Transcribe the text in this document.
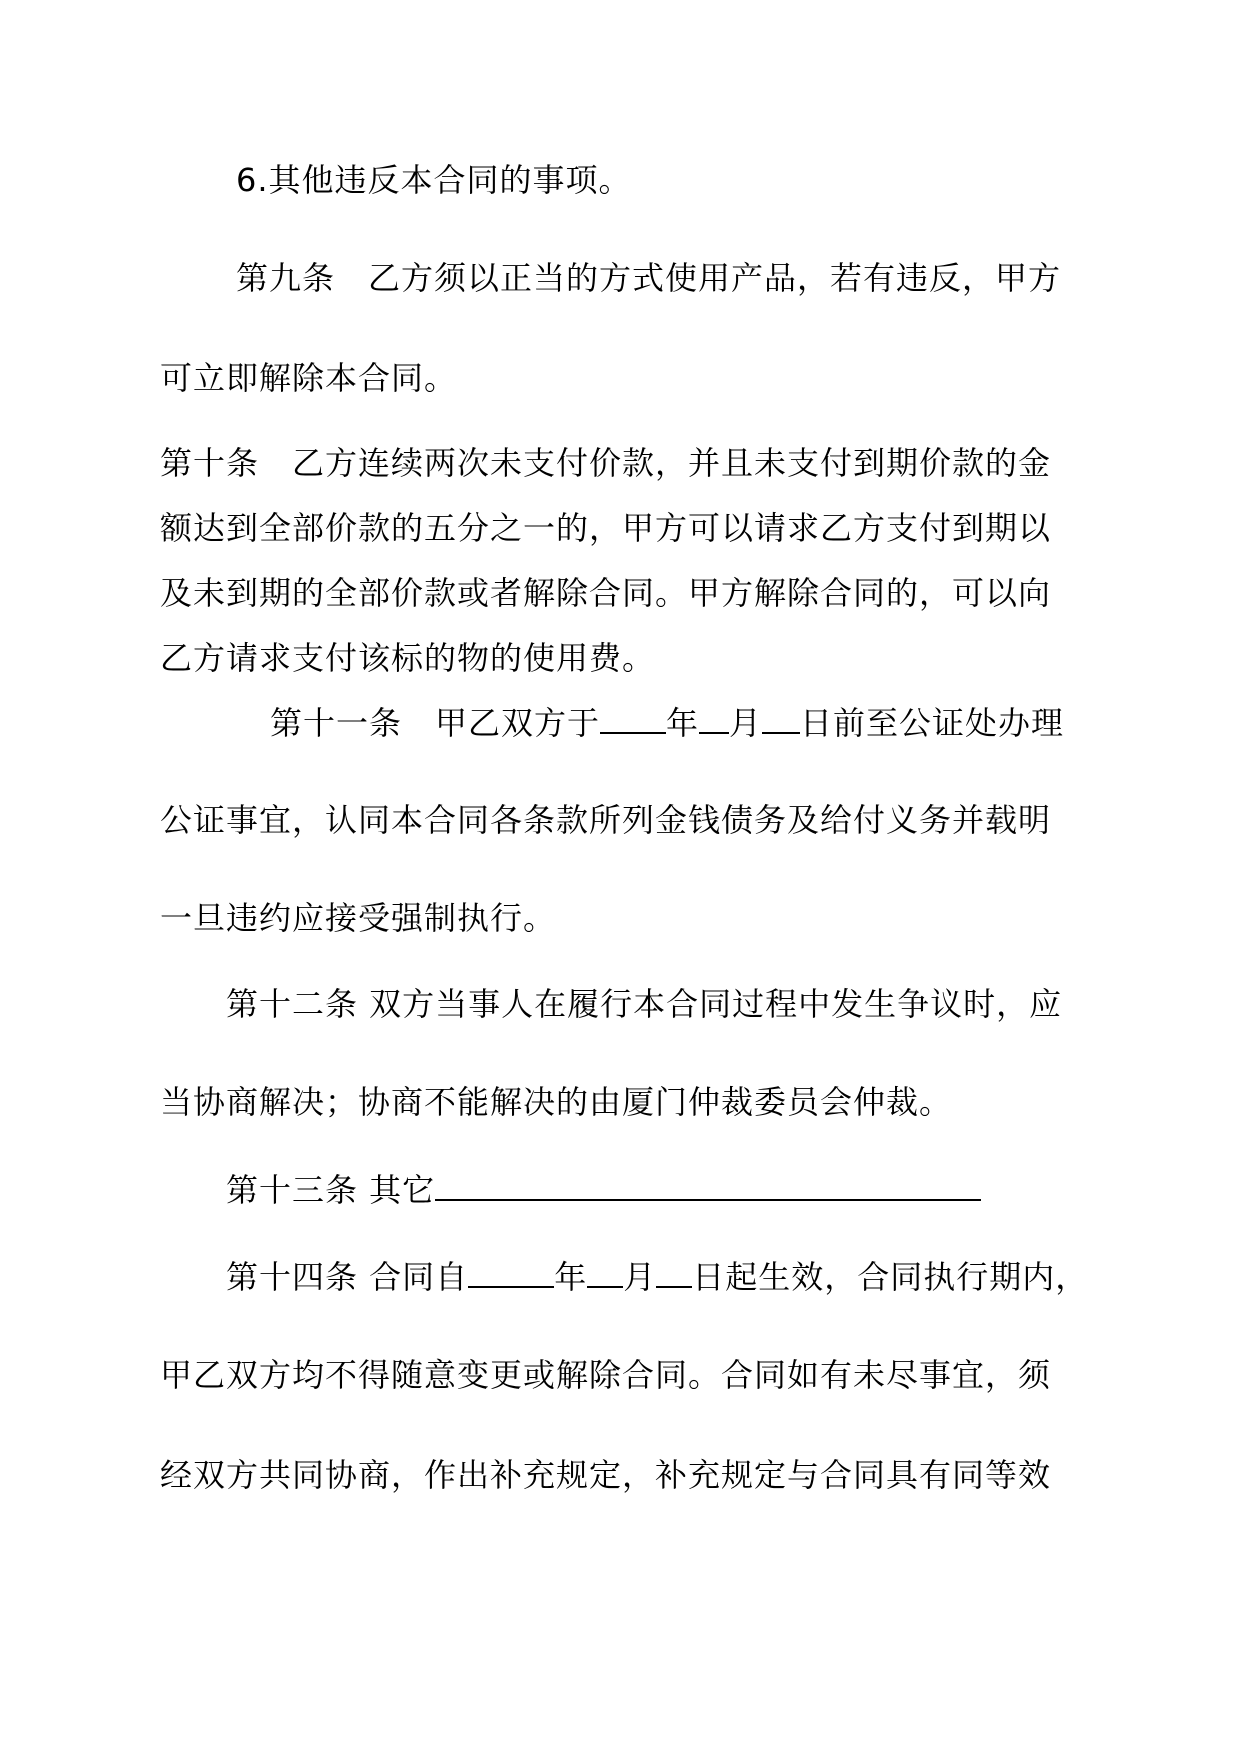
6.其他违反本合同的事项。
第九条　乙方须以正当的方式使用产品，若有违反，甲方
可立即解除本合同。
第十条　乙方连续两次未支付价款，并且未支付到期价款的金
额达到全部价款的五分之一的，甲方可以请求乙方支付到期以
及未到期的全部价款或者解除合同。甲方解除合同的，可以向
乙方请求支付该标的物的使用费。
第十一条　甲乙双方于 年 月 日前至公证处办理
公证事宜，认同本合同各条款所列金钱债务及给付义务并载明
一旦违约应接受强制执行。
第十二条 双方当事人在履行本合同过程中发生争议时，应
当协商解决；协商不能解决的由厦门仲裁委员会仲裁。
第十三条 其它
第十四条 合同自	年 月 日起生效，合同执行期内，
甲乙双方均不得随意变更或解除合同。合同如有未尽事宜，须
经双方共同协商，作出补充规定，补充规定与合同具有同等效
